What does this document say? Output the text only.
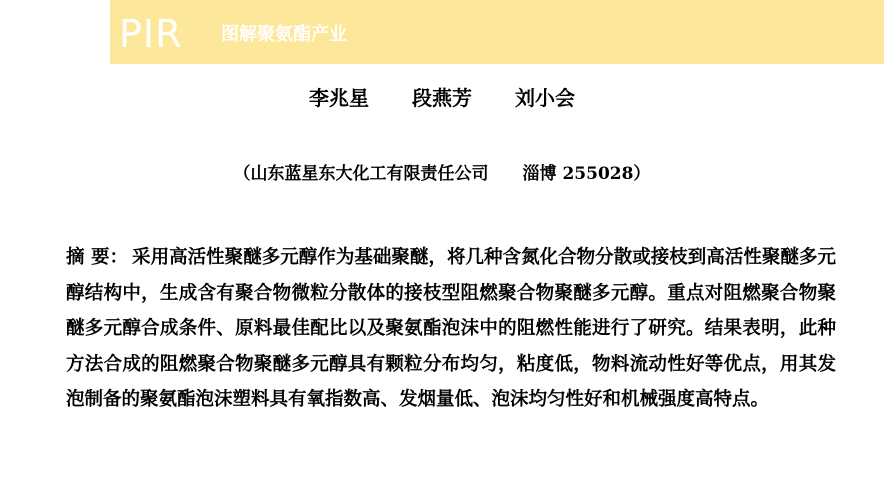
PIR 图解聚氨酯产业
李兆星 段燕芳 刘小会
（山东蓝星东大化工有限责任公司　　淄博 255028）
摘 要： 采用高活性聚醚多元醇作为基础聚醚，将几种含氮化合物分散或接枝到高活性聚醚多元醇结构中，生成含有聚合物微粒分散体的接枝型阻燃聚合物聚醚多元醇。重点对阻燃聚合物聚醚多元醇合成条件、原料最佳配比以及聚氨酯泡沫中的阻燃性能进行了研究。结果表明，此种方法合成的阻燃聚合物聚醚多元醇具有颗粒分布均匀，粘度低，物料流动性好等优点，用其发泡制备的聚氨酯泡沫塑料具有氧指数高、发烟量低、泡沫均匀性好和机械强度高特点。
